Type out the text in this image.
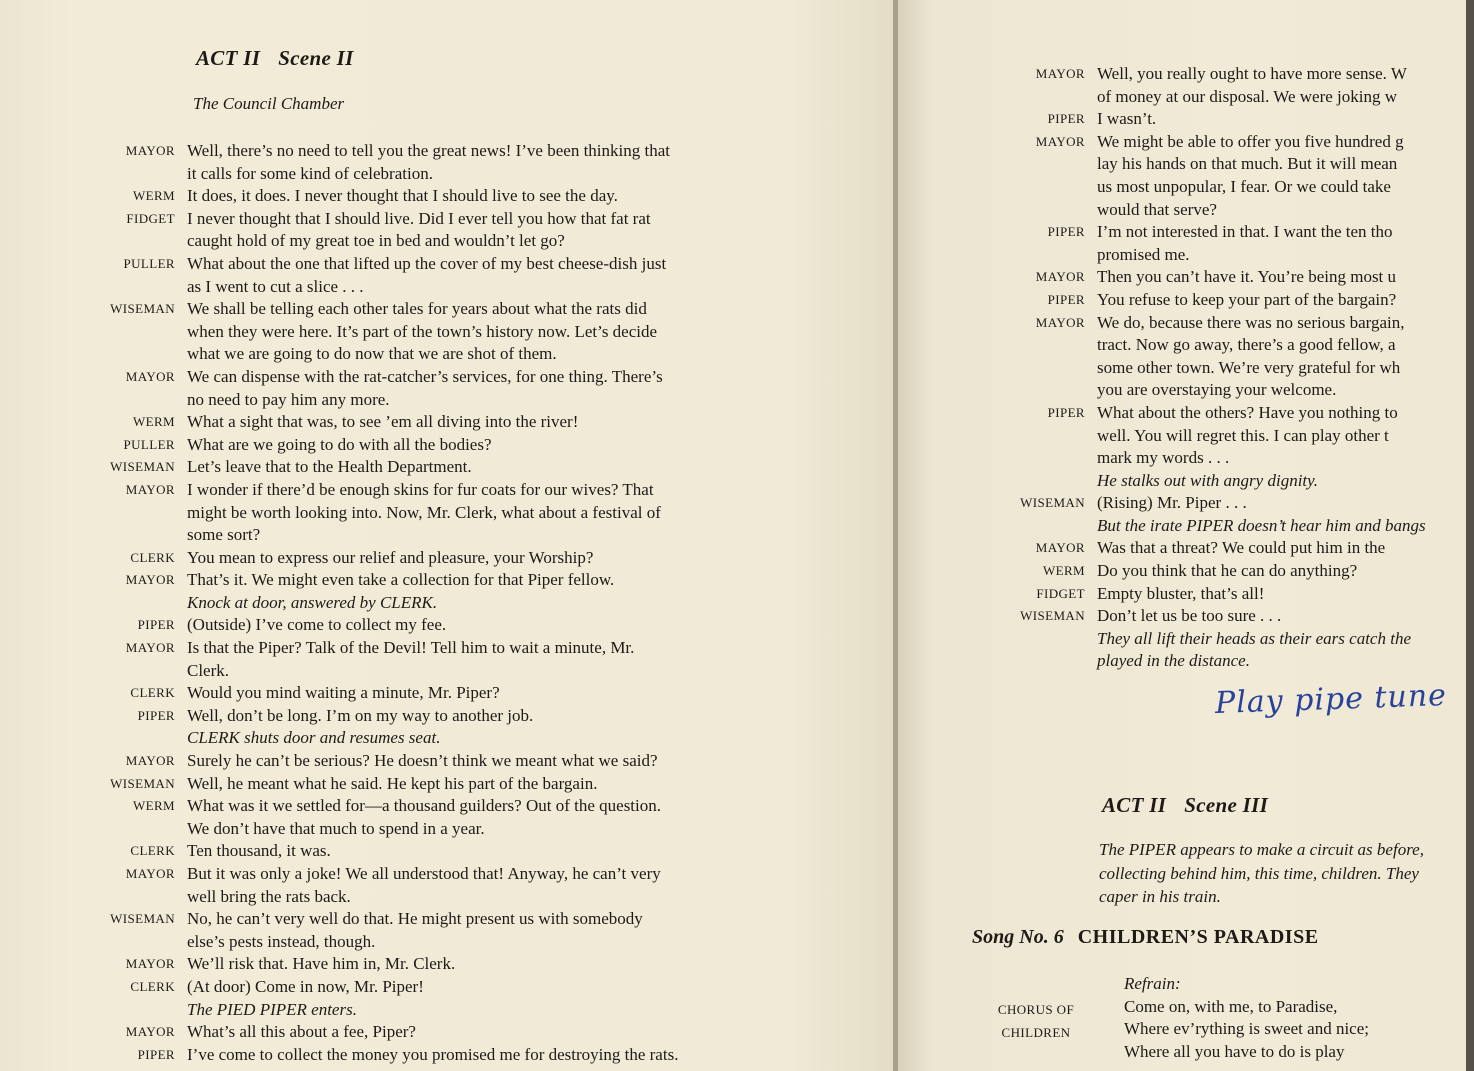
ACT II Scene II
The Council Chamber
MAYOR Well, there’s no need to tell you the great news! I’ve been thinking that
it calls for some kind of celebration.
WERM It does, it does. I never thought that I should live to see the day.
FIDGET I never thought that I should live. Did I ever tell you how that fat rat
caught hold of my great toe in bed and wouldn’t let go?
PULLER What about the one that lifted up the cover of my best cheese-dish just
as I went to cut a slice . . .
WISEMAN We shall be telling each other tales for years about what the rats did
when they were here. It’s part of the town’s history now. Let’s decide
what we are going to do now that we are shot of them.
MAYOR We can dispense with the rat-catcher’s services, for one thing. There’s
no need to pay him any more.
WERM What a sight that was, to see ’em all diving into the river!
PULLER What are we going to do with all the bodies?
WISEMAN Let’s leave that to the Health Department.
MAYOR I wonder if there’d be enough skins for fur coats for our wives? That
might be worth looking into. Now, Mr. Clerk, what about a festival of
some sort?
CLERK You mean to express our relief and pleasure, your Worship?
MAYOR That’s it. We might even take a collection for that Piper fellow.
Knock at door, answered by CLERK.
PIPER (Outside) I’ve come to collect my fee.
MAYOR Is that the Piper? Talk of the Devil! Tell him to wait a minute, Mr.
Clerk.
CLERK Would you mind waiting a minute, Mr. Piper?
PIPER Well, don’t be long. I’m on my way to another job.
CLERK shuts door and resumes seat.
MAYOR Surely he can’t be serious? He doesn’t think we meant what we said?
WISEMAN Well, he meant what he said. He kept his part of the bargain.
WERM What was it we settled for—a thousand guilders? Out of the question.
We don’t have that much to spend in a year.
CLERK Ten thousand, it was.
MAYOR But it was only a joke! We all understood that! Anyway, he can’t very
well bring the rats back.
WISEMAN No, he can’t very well do that. He might present us with somebody
else’s pests instead, though.
MAYOR We’ll risk that. Have him in, Mr. Clerk.
CLERK (At door) Come in now, Mr. Piper!
The PIED PIPER enters.
MAYOR What’s all this about a fee, Piper?
PIPER I’ve come to collect the money you promised me for destroying the rats.
MAYOR Well, you really ought to have more sense. W
of money at our disposal. We were joking w
PIPER I wasn’t.
MAYOR We might be able to offer you five hundred g
lay his hands on that much. But it will mean
us most unpopular, I fear. Or we could take
would that serve?
PIPER I’m not interested in that. I want the ten tho
promised me.
MAYOR Then you can’t have it. You’re being most u
PIPER You refuse to keep your part of the bargain?
MAYOR We do, because there was no serious bargain,
tract. Now go away, there’s a good fellow, a
some other town. We’re very grateful for wh
you are overstaying your welcome.
PIPER What about the others? Have you nothing to
well. You will regret this. I can play other t
mark my words . . .
He stalks out with angry dignity.
WISEMAN (Rising) Mr. Piper . . .
But the irate PIPER doesn’t hear him and bangs
MAYOR Was that a threat? We could put him in the
WERM Do you think that he can do anything?
FIDGET Empty bluster, that’s all!
WISEMAN Don’t let us be too sure . . .
They all lift their heads as their ears catch the
played in the distance.
Play pipe tune
ACT II Scene III
The PIPER appears to make a circuit as before,
collecting behind him, this time, children. They
caper in his train.
Song No. 6 CHILDREN’S PARADISE
CHORUS OF
CHILDREN
Refrain:
Come on, with me, to Paradise,
Where ev’rything is sweet and nice;
Where all you have to do is play
